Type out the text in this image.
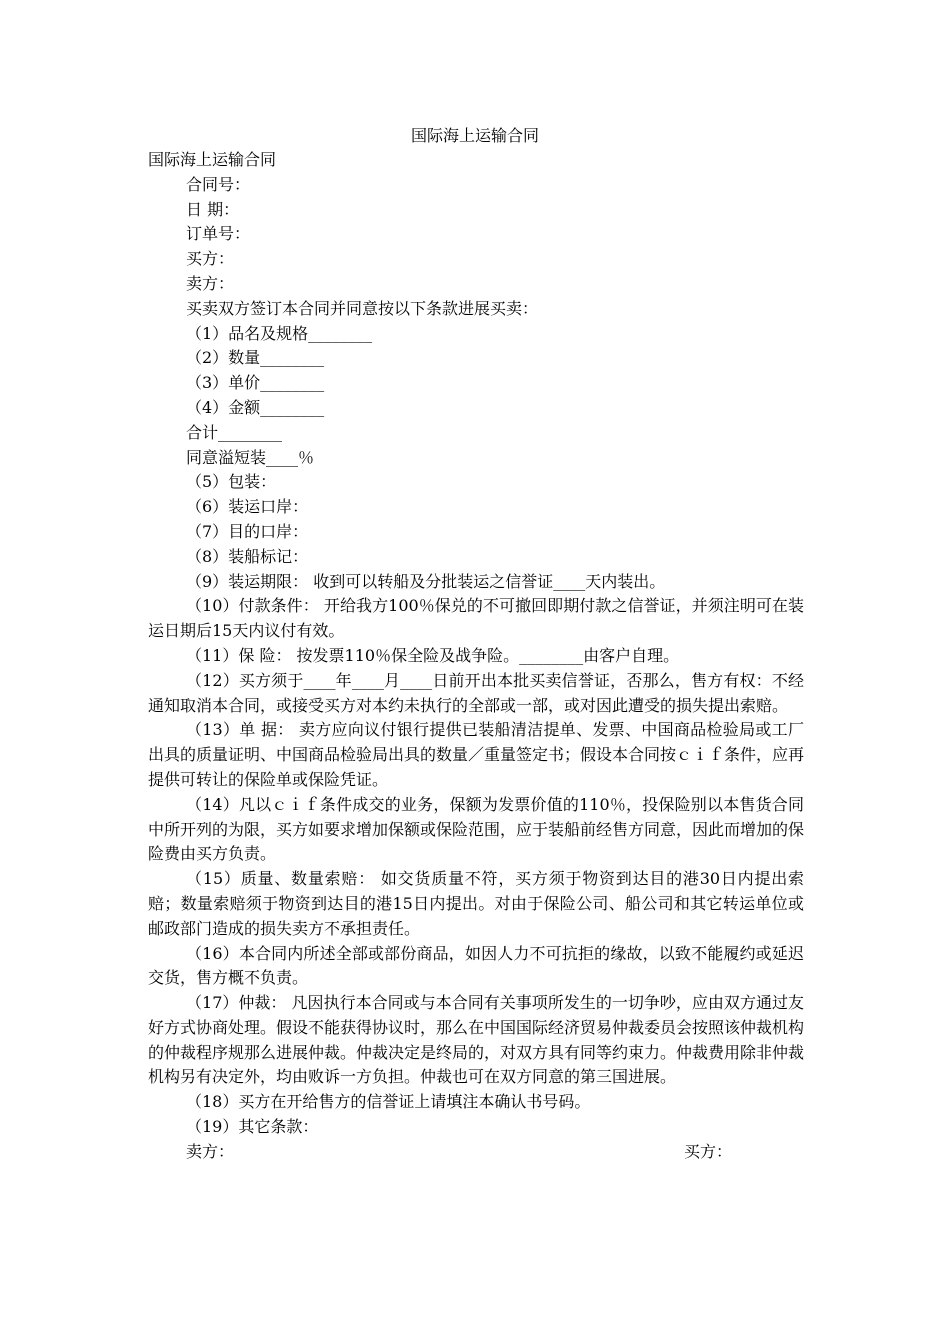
国际海上运输合同

国际海上运输合同

合同号：

日 期：

订单号：

买方：

卖方：

买卖双方签订本合同并同意按以下条款进展买卖：

（1）品名及规格________

（2）数量________

（3）单价________

（4）金额________

合计________

同意溢短装____％

（5）包装：

（6）装运口岸：

（7）目的口岸：

（8）装船标记：

（9）装运期限： 收到可以转船及分批装运之信誉证____天内装出。

（10）付款条件： 开给我方100％保兑的不可撤回即期付款之信誉证，并须注明可在装运日期后15天内议付有效。

（11）保 险： 按发票110％保全险及战争险。________由客户自理。

（12）买方须于____年____月____日前开出本批买卖信誉证，否那么，售方有权：不经通知取消本合同，或接受买方对本约未执行的全部或一部，或对因此遭受的损失提出索赔。

（13）单 据： 卖方应向议付银行提供已装船清洁提单、发票、中国商品检验局或工厂出具的质量证明、中国商品检验局出具的数量／重量签定书；假设本合同按ｃｉｆ条件，应再提供可转让的保险单或保险凭证。

（14）凡以ｃｉｆ条件成交的业务，保额为发票价值的110％，投保险别以本售货合同中所开列的为限，买方如要求增加保额或保险范围，应于装船前经售方同意，因此而增加的保险费由买方负责。

（15）质量、数量索赔： 如交货质量不符，买方须于物资到达目的港30日内提出索赔；数量索赔须于物资到达目的港15日内提出。对由于保险公司、船公司和其它转运单位或邮政部门造成的损失卖方不承担责任。

（16）本合同内所述全部或部份商品，如因人力不可抗拒的缘故，以致不能履约或延迟交货，售方概不负责。

（17）仲裁： 凡因执行本合同或与本合同有关事项所发生的一切争吵，应由双方通过友好方式协商处理。假设不能获得协议时，那么在中国国际经济贸易仲裁委员会按照该仲裁机构的仲裁程序规那么进展仲裁。仲裁决定是终局的，对双方具有同等约束力。仲裁费用除非仲裁机构另有决定外，均由败诉一方负担。仲裁也可在双方同意的第三国进展。

（18）买方在开给售方的信誉证上请填注本确认书号码。

（19）其它条款：

卖方：	买方：
